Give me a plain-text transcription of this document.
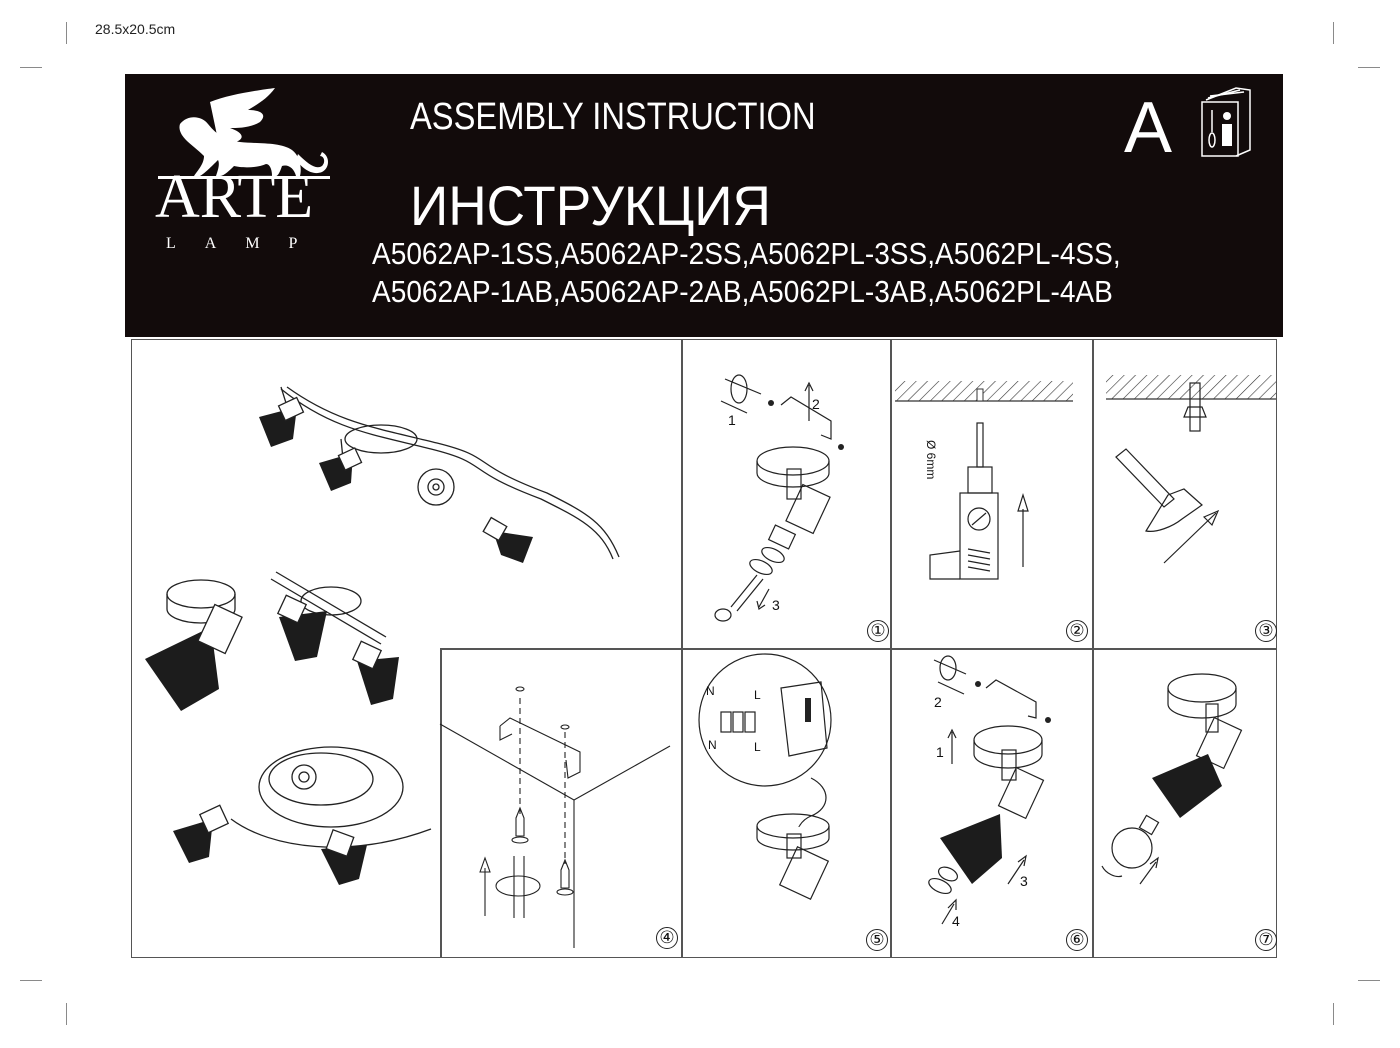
28.5x20.5cm
ARTE
LAMP
ASSEMBLY INSTRUCTION
ИНСТРУКЦИЯ
A5062AP-1SS,A5062AP-2SS,A5062PL-3SS,A5062PL-4SS,
A5062AP-1AB,A5062AP-2AB,A5062PL-3AB,A5062PL-4AB
A
1
2
3
①
Ø 6mm
②	③
④
N
N
L
L
⑤
2
1
3
4
⑥	⑦
